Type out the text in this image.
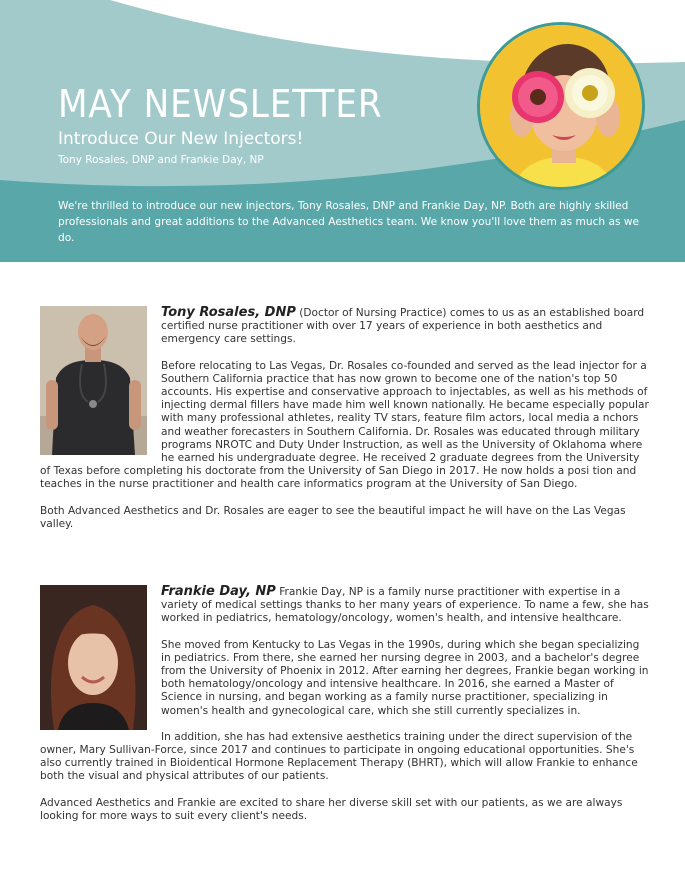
MAY NEWSLETTER
Introduce Our New Injectors!
Tony Rosales, DNP and Frankie Day, NP
We're thrilled to introduce our new injectors, Tony Rosales, DNP and Frankie Day, NP. Both are highly skilled professionals and great additions to the Advanced Aesthetics team. We know you'll love them as much as we do.

Tony Rosales, DNP (Doctor of Nursing Practice) comes to us as an established board certified nurse practitioner with over 17 years of experience in both aesthetics and emergency care settings.

Before relocating to Las Vegas, Dr. Rosales co-founded and served as the lead injector for a Southern California practice that has now grown to become one of the nation's top 50 accounts. His expertise and conservative approach to injectables, as well as his methods of injecting dermal fillers have made him well known nationally. He became especially popular with many professional athletes, reality TV stars, feature film actors, local media a nchors and weather forecasters in Southern California. Dr. Rosales was educated through military programs NROTC and Duty Under Instruction, as well as the University of Oklahoma where he earned his undergraduate degree. He received 2 graduate degrees from the University of Texas before completing his doctorate from the University of San Diego in 2017. He now holds a posi tion and teaches in the nurse practitioner and health care informatics program at the University of San Diego.

Both Advanced Aesthetics and Dr. Rosales are eager to see the beautiful impact he will have on the Las Vegas valley.

Frankie Day, NP Frankie Day, NP is a family nurse practitioner with expertise in a variety of medical settings thanks to her many years of experience. To name a few, she has worked in pediatrics, hematology/oncology, women's health, and intensive healthcare.

She moved from Kentucky to Las Vegas in the 1990s, during which she began specializing in pediatrics. From there, she earned her nursing degree in 2003, and a bachelor's degree from the University of Phoenix in 2012. After earning her degrees, Frankie began working in both hematology/oncology and intensive healthcare. In 2016, she earned a Master of Science in nursing, and began working as a family nurse practitioner, specializing in women's health and gynecological care, which she still currently specializes in.

In addition, she has had extensive aesthetics training under the direct supervision of the owner, Mary Sullivan-Force, since 2017 and continues to participate in ongoing educational opportunities. She's also currently trained in Bioidentical Hormone Replacement Therapy (BHRT), which will allow Frankie to enhance both the visual and physical attributes of our patients.

Advanced Aesthetics and Frankie are excited to share her diverse skill set with our patients, as we are always looking for more ways to suit every client's needs.
